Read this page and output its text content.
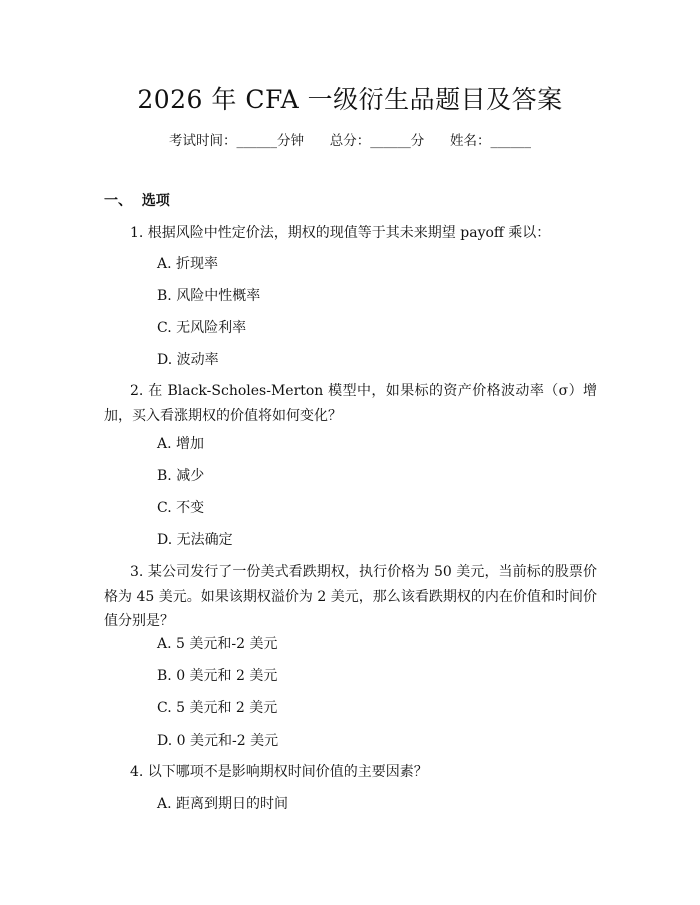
2026 年 CFA 一级衍生品题目及答案
考试时间：______分钟 总分：______分 姓名：______
一、  选项
1. 根据风险中性定价法，期权的现值等于其未来期望 payoff 乘以：
A. 折现率
B. 风险中性概率
C. 无风险利率
D. 波动率
2. 在 Black-Scholes-Merton 模型中，如果标的资产价格波动率（σ）增加，买入看涨期权的价值将如何变化？
A. 增加
B. 减少
C. 不变
D. 无法确定
3. 某公司发行了一份美式看跌期权，执行价格为 50 美元，当前标的股票价格为 45 美元。如果该期权溢价为 2 美元，那么该看跌期权的内在价值和时间价值分别是？
A. 5 美元和-2 美元
B. 0 美元和 2 美元
C. 5 美元和 2 美元
D. 0 美元和-2 美元
4. 以下哪项不是影响期权时间价值的主要因素？
A. 距离到期日的时间
